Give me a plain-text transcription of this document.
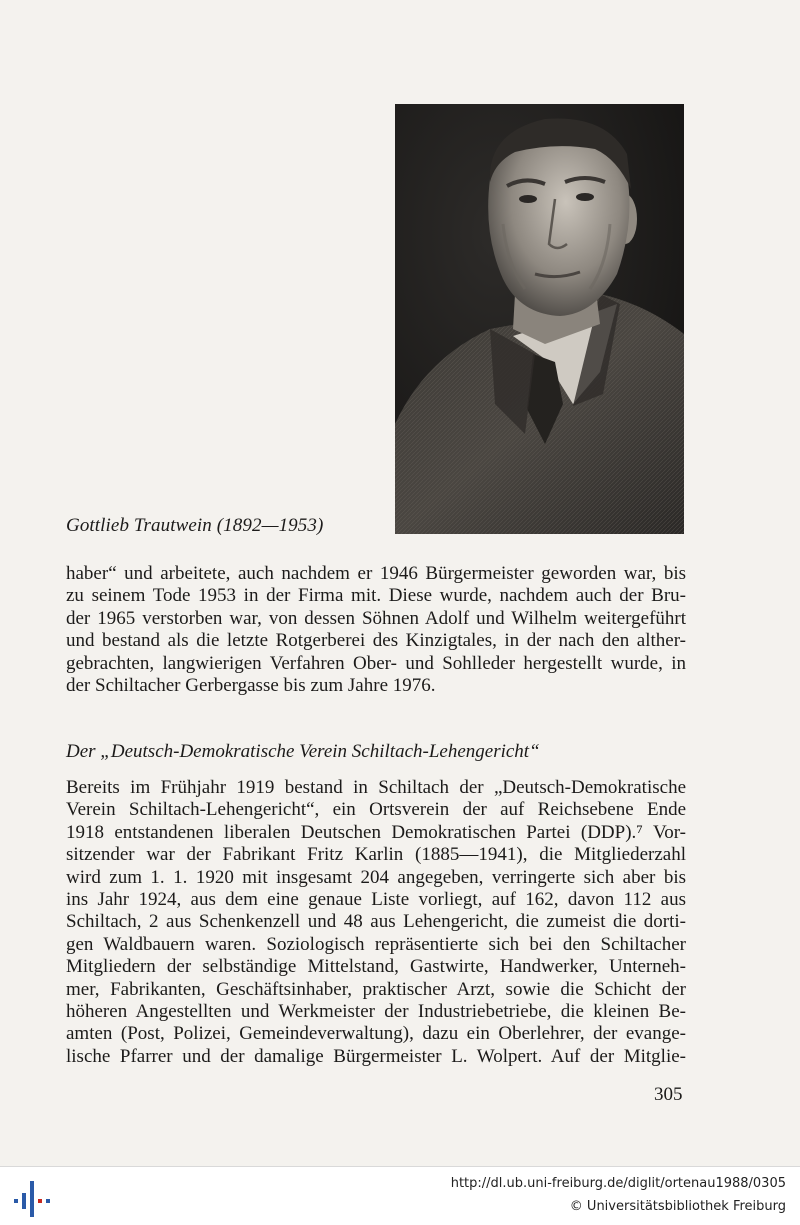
Gottlieb Trautwein (1892—1953)
haber“ und arbeitete, auch nachdem er 1946 Bürgermeister geworden war, bis
zu seinem Tode 1953 in der Firma mit. Diese wurde, nachdem auch der Bru-
der 1965 verstorben war, von dessen Söhnen Adolf und Wilhelm weitergeführt
und bestand als die letzte Rotgerberei des Kinzigtales, in der nach den alther-
gebrachten, langwierigen Verfahren Ober- und Sohlleder hergestellt wurde, in
der Schiltacher Gerbergasse bis zum Jahre 1976.
Der „Deutsch-Demokratische Verein Schiltach-Lehengericht“
Bereits im Frühjahr 1919 bestand in Schiltach der „Deutsch-Demokratische
Verein Schiltach-Lehengericht“, ein Ortsverein der auf Reichsebene Ende
1918 entstandenen liberalen Deutschen Demokratischen Partei (DDP).⁷ Vor-
sitzender war der Fabrikant Fritz Karlin (1885—1941), die Mitgliederzahl
wird zum 1. 1. 1920 mit insgesamt 204 angegeben, verringerte sich aber bis
ins Jahr 1924, aus dem eine genaue Liste vorliegt, auf 162, davon 112 aus
Schiltach, 2 aus Schenkenzell und 48 aus Lehengericht, die zumeist die dorti-
gen Waldbauern waren. Soziologisch repräsentierte sich bei den Schiltacher
Mitgliedern der selbständige Mittelstand, Gastwirte, Handwerker, Unterneh-
mer, Fabrikanten, Geschäftsinhaber, praktischer Arzt, sowie die Schicht der
höheren Angestellten und Werkmeister der Industriebetriebe, die kleinen Be-
amten (Post, Polizei, Gemeindeverwaltung), dazu ein Oberlehrer, der evange-
lische Pfarrer und der damalige Bürgermeister L. Wolpert. Auf der Mitglie-
305
http://dl.ub.uni-freiburg.de/diglit/ortenau1988/0305
© Universitätsbibliothek Freiburg
